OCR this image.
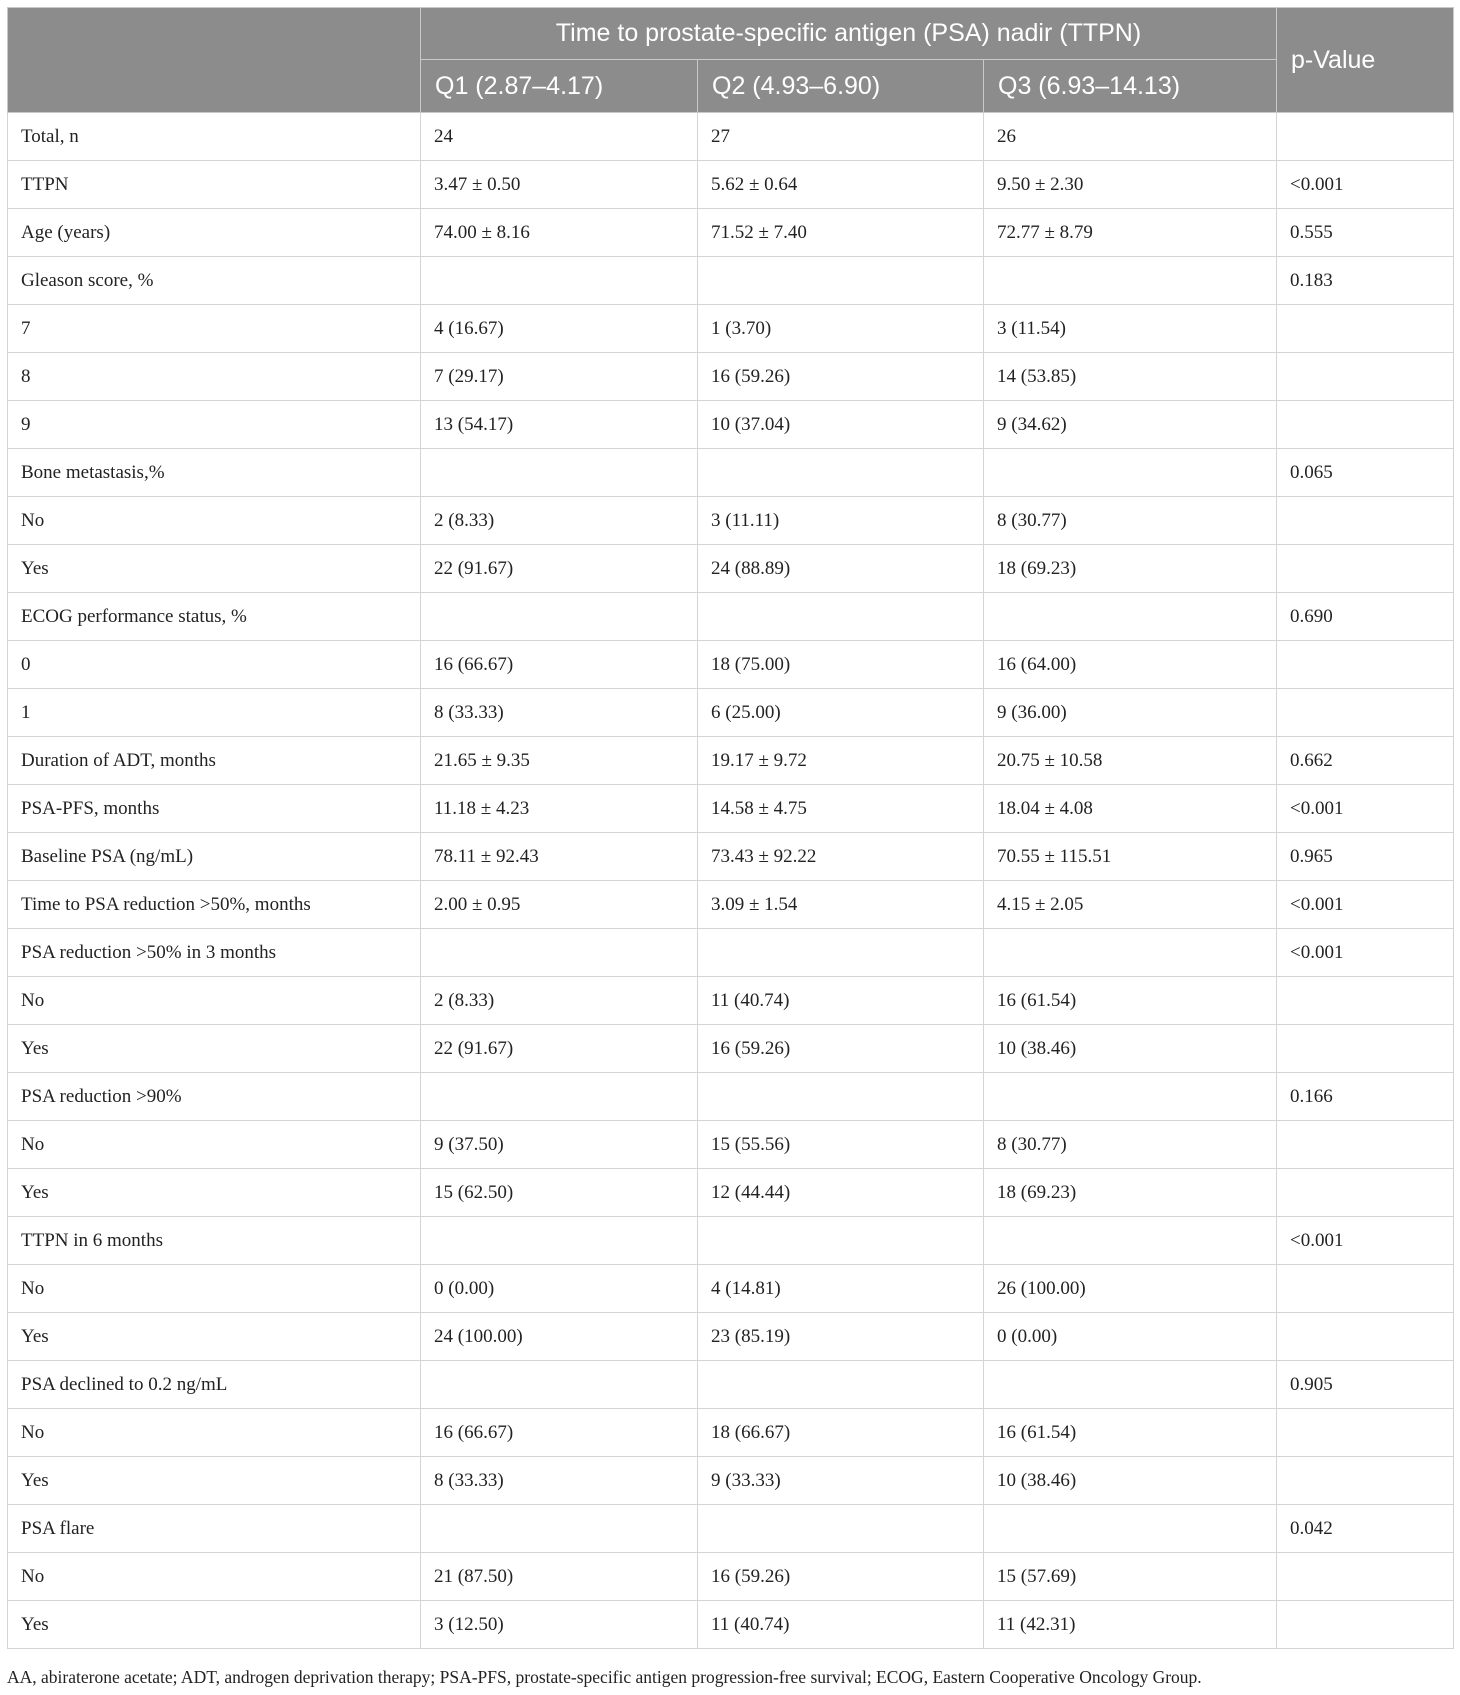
	Time to prostate-specific antigen (PSA) nadir (TTPN)			p-Value
	Q1 (2.87–4.17)	Q2 (4.93–6.90)	Q3 (6.93–14.13)	
Total, n	24	27	26	
TTPN	3.47 ± 0.50	5.62 ± 0.64	9.50 ± 2.30	<0.001
Age (years)	74.00 ± 8.16	71.52 ± 7.40	72.77 ± 8.79	0.555
Gleason score, %				0.183
7	4 (16.67)	1 (3.70)	3 (11.54)	
8	7 (29.17)	16 (59.26)	14 (53.85)	
9	13 (54.17)	10 (37.04)	9 (34.62)	
Bone metastasis,%				0.065
No	2 (8.33)	3 (11.11)	8 (30.77)	
Yes	22 (91.67)	24 (88.89)	18 (69.23)	
ECOG performance status, %				0.690
0	16 (66.67)	18 (75.00)	16 (64.00)	
1	8 (33.33)	6 (25.00)	9 (36.00)	
Duration of ADT, months	21.65 ± 9.35	19.17 ± 9.72	20.75 ± 10.58	0.662
PSA-PFS, months	11.18 ± 4.23	14.58 ± 4.75	18.04 ± 4.08	<0.001
Baseline PSA (ng/mL)	78.11 ± 92.43	73.43 ± 92.22	70.55 ± 115.51	0.965
Time to PSA reduction >50%, months	2.00 ± 0.95	3.09 ± 1.54	4.15 ± 2.05	<0.001
PSA reduction >50% in 3 months				<0.001
No	2 (8.33)	11 (40.74)	16 (61.54)	
Yes	22 (91.67)	16 (59.26)	10 (38.46)	
PSA reduction >90%				0.166
No	9 (37.50)	15 (55.56)	8 (30.77)	
Yes	15 (62.50)	12 (44.44)	18 (69.23)	
TTPN in 6 months				<0.001
No	0 (0.00)	4 (14.81)	26 (100.00)	
Yes	24 (100.00)	23 (85.19)	0 (0.00)	
PSA declined to 0.2 ng/mL				0.905
No	16 (66.67)	18 (66.67)	16 (61.54)	
Yes	8 (33.33)	9 (33.33)	10 (38.46)	
PSA flare				0.042
No	21 (87.50)	16 (59.26)	15 (57.69)	
Yes	3 (12.50)	11 (40.74)	11 (42.31)	
AA, abiraterone acetate; ADT, androgen deprivation therapy; PSA-PFS, prostate-specific antigen progression-free survival; ECOG, Eastern Cooperative Oncology Group.
